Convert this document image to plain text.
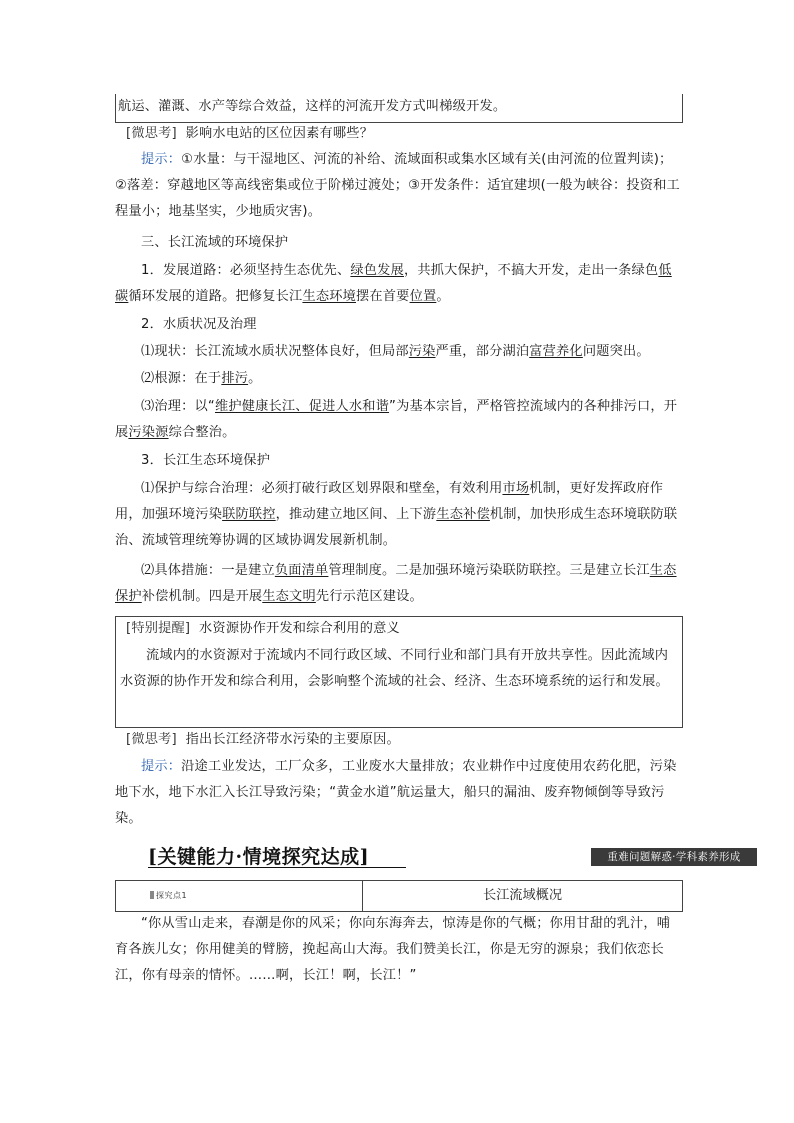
航运、灌溉、水产等综合效益，这样的河流开发方式叫梯级开发。

[微思考] 影响水电站的区位因素有哪些？

提示：①水量：与干湿地区、河流的补给、流域面积或集水区域有关(由河流的位置判读)；②落差：穿越地区等高线密集或位于阶梯过渡处；③开发条件：适宜建坝(一般为峡谷：投资和工程量小；地基坚实，少地质灾害)。

三、长江流域的环境保护

1．发展道路：必须坚持生态优先、绿色发展，共抓大保护，不搞大开发，走出一条绿色低碳循环发展的道路。把修复长江生态环境摆在首要位置。

2．水质状况及治理

⑴现状：长江流域水质状况整体良好，但局部污染严重，部分湖泊富营养化问题突出。

⑵根源：在于排污。

⑶治理：以“维护健康长江、促进人水和谐”为基本宗旨，严格管控流域内的各种排污口，开展污染源综合整治。

3．长江生态环境保护

⑴保护与综合治理：必须打破行政区划界限和壁垒，有效利用市场机制，更好发挥政府作用，加强环境污染联防联控，推动建立地区间、上下游生态补偿机制，加快形成生态环境联防联治、流域管理统筹协调的区域协调发展新机制。

⑵具体措施：一是建立负面清单管理制度。二是加强环境污染联防联控。三是建立长江生态保护补偿机制。四是开展生态文明先行示范区建设。

[特别提醒] 水资源协作开发和综合利用的意义

流域内的水资源对于流域内不同行政区域、不同行业和部门具有开放共享性。因此流域内水资源的协作开发和综合利用，会影响整个流域的社会、经济、生态环境系统的运行和发展。

[微思考] 指出长江经济带水污染的主要原因。

提示：沿途工业发达，工厂众多，工业废水大量排放；农业耕作中过度使用农药化肥，污染地下水，地下水汇入长江导致污染；“黄金水道”航运量大，船只的漏油、废弃物倾倒等导致污染。

[关键能力·情境探究达成]	重难问题解惑·学科素养形成
探究点1	长江流域概况

“你从雪山走来，春潮是你的风采；你向东海奔去，惊涛是你的气概；你用甘甜的乳汁，哺育各族儿女；你用健美的臂膀，挽起高山大海。我们赞美长江，你是无穷的源泉；我们依恋长江，你有母亲的情怀。……啊，长江！啊，长江！”
